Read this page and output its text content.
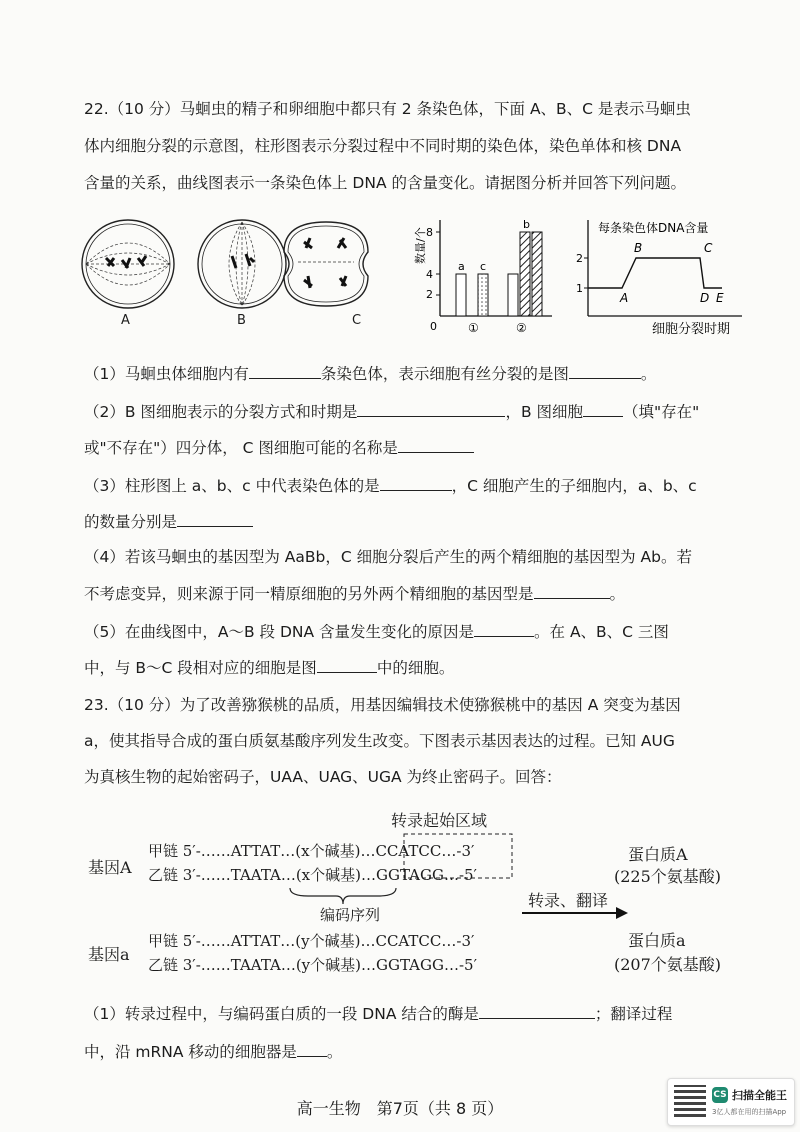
22.（10 分）马蛔虫的精子和卵细胞中都只有 2 条染色体，下面 A、B、C 是表示马蛔虫
体内细胞分裂的示意图，柱形图表示分裂过程中不同时期的染色体，染色单体和核 DNA
含量的关系，曲线图表示一条染色体上 DNA 的含量变化。请据图分析并回答下列问题。
A	B	C
a c
b
2
4
8
0	①	②
数量/个	每条染色体DNA含量
2
1
A
B	C
D E
细胞分裂时期
（1）马蛔虫体细胞内有	条染色体，表示细胞有丝分裂的是图	。
（2）B 图细胞表示的分裂方式和时期是	，B 图细胞	（填"存在"
或"不存在"）四分体， C 图细胞可能的名称是
（3）柱形图上 a、b、c 中代表染色体的是	，C 细胞产生的子细胞内，a、b、c
的数量分别是
（4）若该马蛔虫的基因型为 AaBb，C 细胞分裂后产生的两个精细胞的基因型为 Ab。若
不考虑变异，则来源于同一精原细胞的另外两个精细胞的基因型是	。
（5）在曲线图中，A～B 段 DNA 含量发生变化的原因是	。在 A、B、C 三图
中，与 B～C 段相对应的细胞是图	中的细胞。
23.（10 分）为了改善猕猴桃的品质，用基因编辑技术使猕猴桃中的基因 A 突变为基因
a，使其指导合成的蛋白质氨基酸序列发生改变。下图表示基因表达的过程。已知 AUG
为真核生物的起始密码子，UAA、UAG、UGA 为终止密码子。回答：
转录起始区域
基因A
甲链 5′-……ATTAT…(x个碱基)…CCATCC…-3′
乙链 3′-……TAATA…(x个碱基)…GGTAGG…-5′
编码序列
转录、翻译
蛋白质A
(225个氨基酸)
基因a
甲链 5′-……ATTAT…(y个碱基)…CCATCC…-3′
乙链 3′-……TAATA…(y个碱基)…GGTAGG…-5′
蛋白质a
(207个氨基酸)
（1）转录过程中，与编码蛋白质的一段 DNA 结合的酶是	；翻译过程
中，沿 mRNA 移动的细胞器是 。
高一生物　第7页（共 8 页）
CS 扫描全能王
3亿人都在用的扫描App
